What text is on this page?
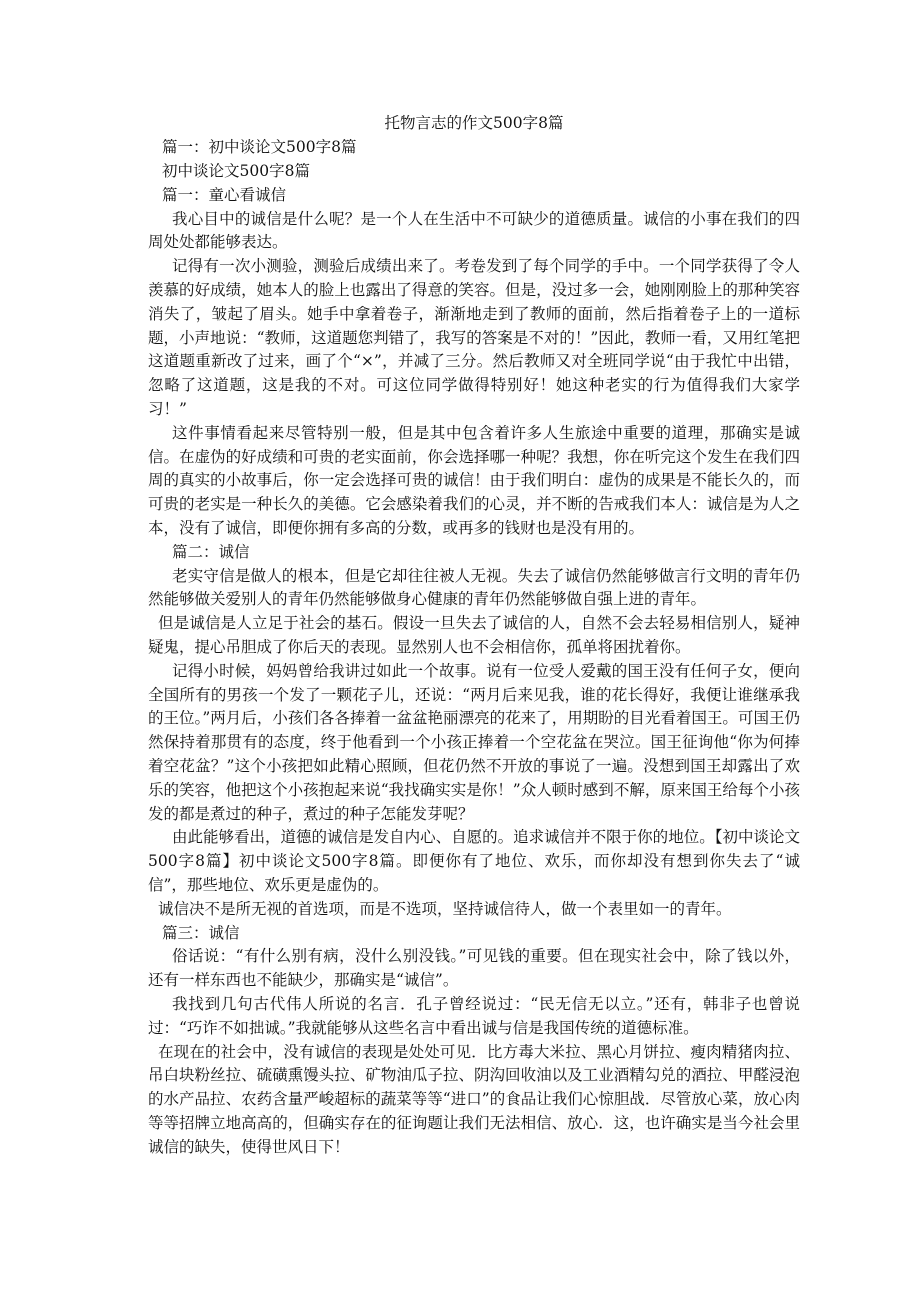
托物言志的作文500字8篇
篇一：初中谈论文500字8篇
初中谈论文500字8篇
篇一：童心看诚信

我心目中的诚信是什么呢？是一个人在生活中不可缺少的道德质量。诚信的小事在我们的四周处处都能够表达。

记得有一次小测验，测验后成绩出来了。考卷发到了每个同学的手中。一个同学获得了令人羡慕的好成绩，她本人的脸上也露出了得意的笑容。但是，没过多一会，她刚刚脸上的那种笑容消失了，皱起了眉头。她手中拿着卷子，渐渐地走到了教师的面前，然后指着卷子上的一道标题，小声地说：“教师，这道题您判错了，我写的答案是不对的！”因此，教师一看，又用红笔把这道题重新改了过来，画了个“×”，并减了三分。然后教师又对全班同学说“由于我忙中出错，忽略了这道题，这是我的不对。可这位同学做得特别好！她这种老实的行为值得我们大家学习！”

这件事情看起来尽管特别一般，但是其中包含着许多人生旅途中重要的道理，那确实是诚信。在虚伪的好成绩和可贵的老实面前，你会选择哪一种呢？我想，你在听完这个发生在我们四周的真实的小故事后，你一定会选择可贵的诚信！由于我们明白：虚伪的成果是不能长久的，而可贵的老实是一种长久的美德。它会感染着我们的心灵，并不断的告戒我们本人：诚信是为人之本，没有了诚信，即便你拥有多高的分数，或再多的钱财也是没有用的。

篇二：诚信

老实守信是做人的根本，但是它却往往被人无视。失去了诚信仍然能够做言行文明的青年仍然能够做关爱别人的青年仍然能够做身心健康的青年仍然能够做自强上进的青年。

但是诚信是人立足于社会的基石。假设一旦失去了诚信的人，自然不会去轻易相信别人，疑神疑鬼，提心吊胆成了你后天的表现。显然别人也不会相信你，孤单将困扰着你。

记得小时候，妈妈曾给我讲过如此一个故事。说有一位受人爱戴的国王没有任何子女，便向全国所有的男孩一个发了一颗花子儿，还说：“两月后来见我，谁的花长得好，我便让谁继承我的王位。”两月后，小孩们各各捧着一盆盆艳丽漂亮的花来了，用期盼的目光看着国王。可国王仍然保持着那贯有的态度，终于他看到一个小孩正捧着一个空花盆在哭泣。国王征询他“你为何捧着空花盆？”这个小孩把如此精心照顾，但花仍然不开放的事说了一遍。没想到国王却露出了欢乐的笑容，他把这个小孩抱起来说“我找确实实是你！”众人顿时感到不解，原来国王给每个小孩发的都是煮过的种子，煮过的种子怎能发芽呢？

由此能够看出，道德的诚信是发自内心、自愿的。追求诚信并不限于你的地位。【初中谈论文500字8篇】初中谈论文500字8篇。即便你有了地位、欢乐，而你却没有想到你失去了“诚信”，那些地位、欢乐更是虚伪的。

诚信决不是所无视的首选项，而是不选项，坚持诚信待人，做一个表里如一的青年。

篇三：诚信

俗话说：“有什么别有病，没什么别没钱。”可见钱的重要。但在现实社会中，除了钱以外，还有一样东西也不能缺少，那确实是“诚信”。

我找到几句古代伟人所说的名言．孔子曾经说过：“民无信无以立。”还有，韩非子也曾说过：“巧诈不如拙诚。”我就能够从这些名言中看出诚与信是我国传统的道德标准。

在现在的社会中，没有诚信的表现是处处可见．比方毒大米拉、黑心月饼拉、瘦肉精猪肉拉、吊白块粉丝拉、硫磺熏馒头拉、矿物油瓜子拉、阴沟回收油以及工业酒精勾兑的酒拉、甲醛浸泡的水产品拉、农药含量严峻超标的蔬菜等等“进口”的食品让我们心惊胆战．尽管放心菜，放心肉等等招牌立地高高的，但确实存在的征询题让我们无法相信、放心．这，也许确实是当今社会里诚信的缺失，使得世风日下！
